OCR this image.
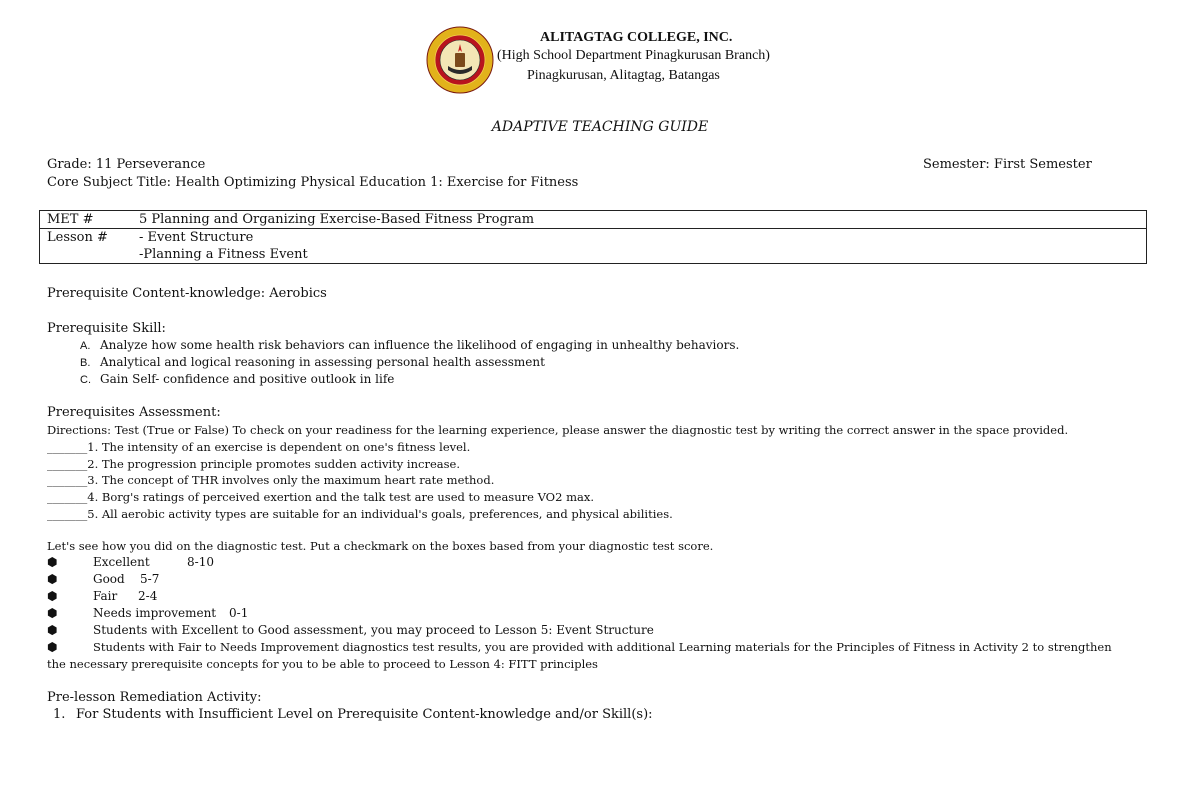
ALITAGTAG COLLEGE, INC.
(High School Department Pinagkurusan Branch)
Pinagkurusan, Alitagtag, Batangas
ADAPTIVE TEACHING GUIDE
Grade: 11 Perseverance	Semester: First Semester
Core Subject Title: Health Optimizing Physical Education 1: Exercise for Fitness
MET #	5 Planning and Organizing Exercise-Based Fitness Program
Lesson #	- Event Structure
-Planning a Fitness Event
Prerequisite Content-knowledge: Aerobics
Prerequisite Skill:
A. Analyze how some health risk behaviors can influence the likelihood of engaging in unhealthy behaviors.
B. Analytical and logical reasoning in assessing personal health assessment
C. Gain Self- confidence and positive outlook in life
Prerequisites Assessment:
Directions: Test (True or False) To check on your readiness for the learning experience, please answer the diagnostic test by writing the correct answer in the space provided.
_______1. The intensity of an exercise is dependent on one's fitness level.
_______2. The progression principle promotes sudden activity increase.
_______3. The concept of THR involves only the maximum heart rate method.
_______4. Borg's ratings of perceived exertion and the talk test are used to measure VO2 max.
_______5. All aerobic activity types are suitable for an individual's goals, preferences, and physical abilities.
Let's see how you did on the diagnostic test. Put a checkmark on the boxes based from your diagnostic test score.
⬢	Excellent	8-10
⬢	Good 5-7
⬢	Fair 2-4
⬢	Needs improvement 0-1
⬢	Students with Excellent to Good assessment, you may proceed to Lesson 5: Event Structure
⬢	Students with Fair to Needs Improvement diagnostics test results, you are provided with additional Learning materials for the Principles of Fitness in Activity 2 to strengthen
the necessary prerequisite concepts for you to be able to proceed to Lesson 4: FITT principles
Pre-lesson Remediation Activity:
1. For Students with Insufficient Level on Prerequisite Content-knowledge and/or Skill(s):
